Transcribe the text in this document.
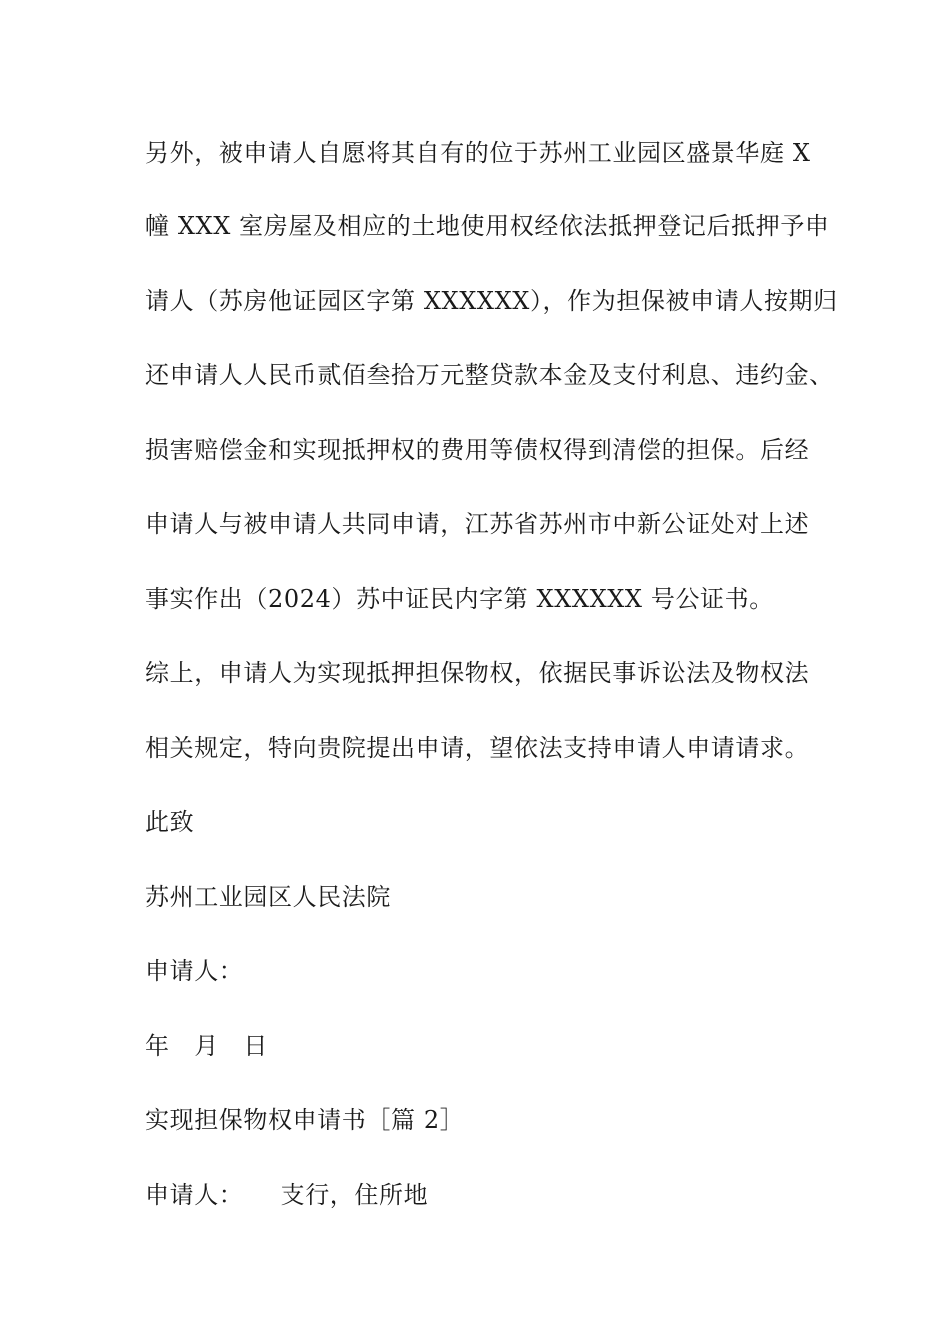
另外，被申请人自愿将其自有的位于苏州工业园区盛景华庭 X
幢 XXX 室房屋及相应的土地使用权经依法抵押登记后抵押予申
请人（苏房他证园区字第 XXXXXX），作为担保被申请人按期归
还申请人人民币贰佰叁拾万元整贷款本金及支付利息、违约金、
损害赔偿金和实现抵押权的费用等债权得到清偿的担保。后经
申请人与被申请人共同申请，江苏省苏州市中新公证处对上述
事实作出（2024）苏中证民内字第 XXXXXX 号公证书。
综上，申请人为实现抵押担保物权，依据民事诉讼法及物权法
相关规定，特向贵院提出申请，望依法支持申请人申请请求。
此致
苏州工业园区人民法院
申请人：
年　月　日
实现担保物权申请书［篇 2］
申请人：　　支行，住所地
